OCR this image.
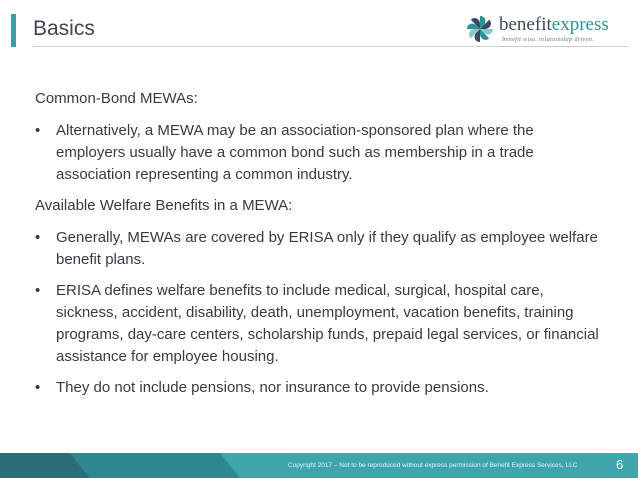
Basics	benefitexpress
benefit wise. relationship driven.

Common-Bond MEWAs:

• Alternatively, a MEWA may be an association-sponsored plan where the employers usually have a common bond such as membership in a trade association representing a common industry.

Available Welfare Benefits in a MEWA:

• Generally, MEWAs are covered by ERISA only if they qualify as employee welfare benefit plans.
• ERISA defines welfare benefits to include medical, surgical, hospital care, sickness, accident, disability, death, unemployment, vacation benefits, training programs, day-care centers, scholarship funds, prepaid legal services, or financial assistance for employee housing.
• They do not include pensions, nor insurance to provide pensions.
Copyright 2017 – Not to be reproduced without express permission of Benefit Express Services, LLC	6
